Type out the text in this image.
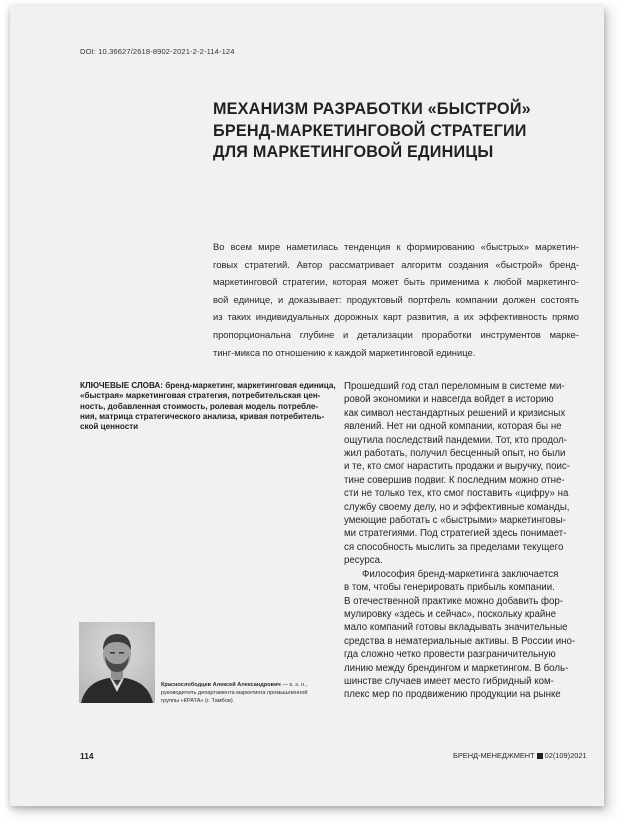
DOI: 10.36627/2618-8902-2021-2-2-114-124
МЕХАНИЗМ РАЗРАБОТКИ «БЫСТРОЙ»
БРЕНД-МАРКЕТИНГОВОЙ СТРАТЕГИИ
ДЛЯ МАРКЕТИНГОВОЙ ЕДИНИЦЫ
Во всем мире наметилась тенденция к формированию «быстрых» маркетин-
говых стратегий. Автор рассматривает алгоритм создания «быстрой» бренд-
маркетинговой стратегии, которая может быть применима к любой маркетинго-
вой единице, и доказывает: продуктовый портфель компании должен состоять
из таких индивидуальных дорожных карт развития, а их эффективность прямо
пропорциональна глубине и детализации проработки инструментов марке-
тинг-микса по отношению к каждой маркетинговой единице.
КЛЮЧЕВЫЕ СЛОВА: бренд-маркетинг, маркетинговая единица,
«быстрая» маркетинговая стратегия, потребительская цен-
ность, добавленная стоимость, ролевая модель потребле-
ния, матрица стратегического анализа, кривая потребитель-
ской ценности
Прошедший год стал переломным в системе ми-
ровой экономики и навсегда войдет в историю
как символ нестандартных решений и кризисных
явлений. Нет ни одной компании, которая бы не
ощутила последствий пандемии. Тот, кто продол-
жил работать, получил бесценный опыт, но были
и те, кто смог нарастить продажи и выручку, поис-
тине совершив подвиг. К последним можно отне-
сти не только тех, кто смог поставить «цифру» на
службу своему делу, но и эффективные команды,
умеющие работать с «быстрыми» маркетинговы-
ми стратегиями. Под стратегией здесь понимает-
ся способность мыслить за пределами текущего
ресурса.
Философия бренд-маркетинга заключается
в том, чтобы генерировать прибыль компании.
В отечественной практике можно добавить фор-
мулировку «здесь и сейчас», поскольку крайне
мало компаний готовы вкладывать значительные
средства в нематериальные активы. В России ино-
гда сложно четко провести разграничительную
линию между брендингом и маркетингом. В боль-
шинстве случаев имеет место гибридный ком-
плекс мер по продвижению продукции на рынке
Краснослободцев Алексей Александрович — к. э. н.,
руководитель департамента маркетинга промышленной
группы «КРАТА» (г. Тамбов)
114	БРЕНД-МЕНЕДЖМЕНТ 02(109)2021
